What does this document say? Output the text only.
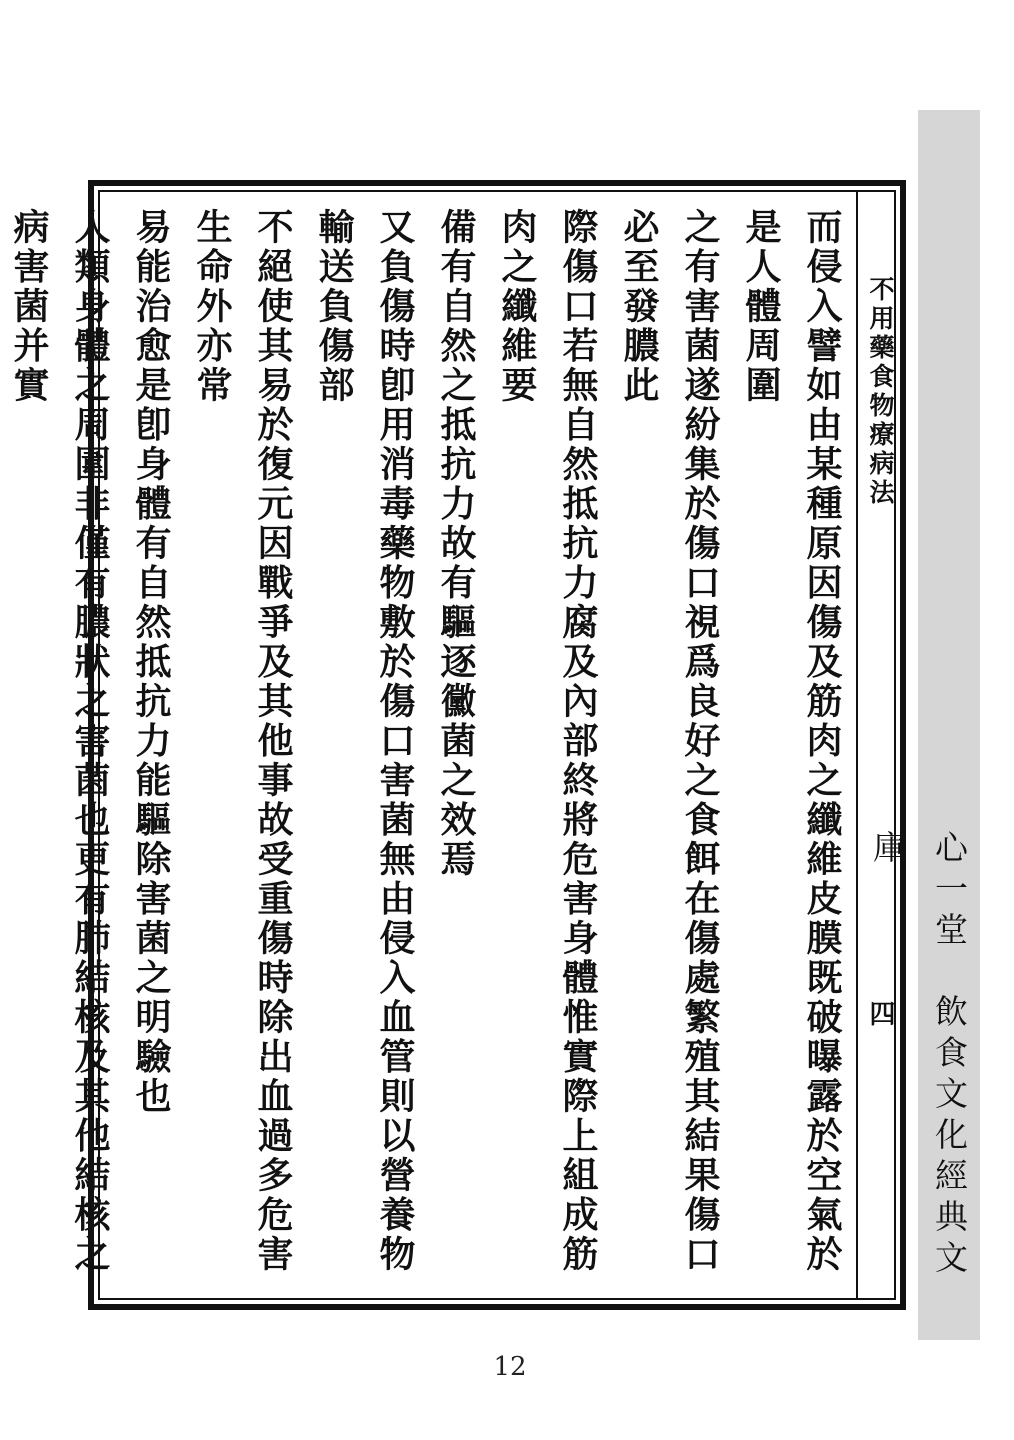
心一堂　飲食文化經典文庫
不用藥食物療病法
四
而侵入譬如由某種原因傷及筋肉之纖維皮膜既破曝露於空氣於是人體周圍
之有害菌遂紛集於傷口視爲良好之食餌在傷處繁殖其結果傷口必至發膿此
際傷口若無自然抵抗力腐及內部終將危害身體惟實際上組成筋肉之纖維要
備有自然之抵抗力故有驅逐黴菌之效焉
又負傷時卽用消毒藥物敷於傷口害菌無由侵入血管則以營養物輸送負傷部
不絕使其易於復元因戰爭及其他事故受重傷時除出血過多危害生命外亦常
易能治愈是卽身體有自然抵抗力能驅除害菌之明驗也
人類身體之周圍非僅有膿狀之害菌也更有肺結核及其他結核之病害菌并實
12
